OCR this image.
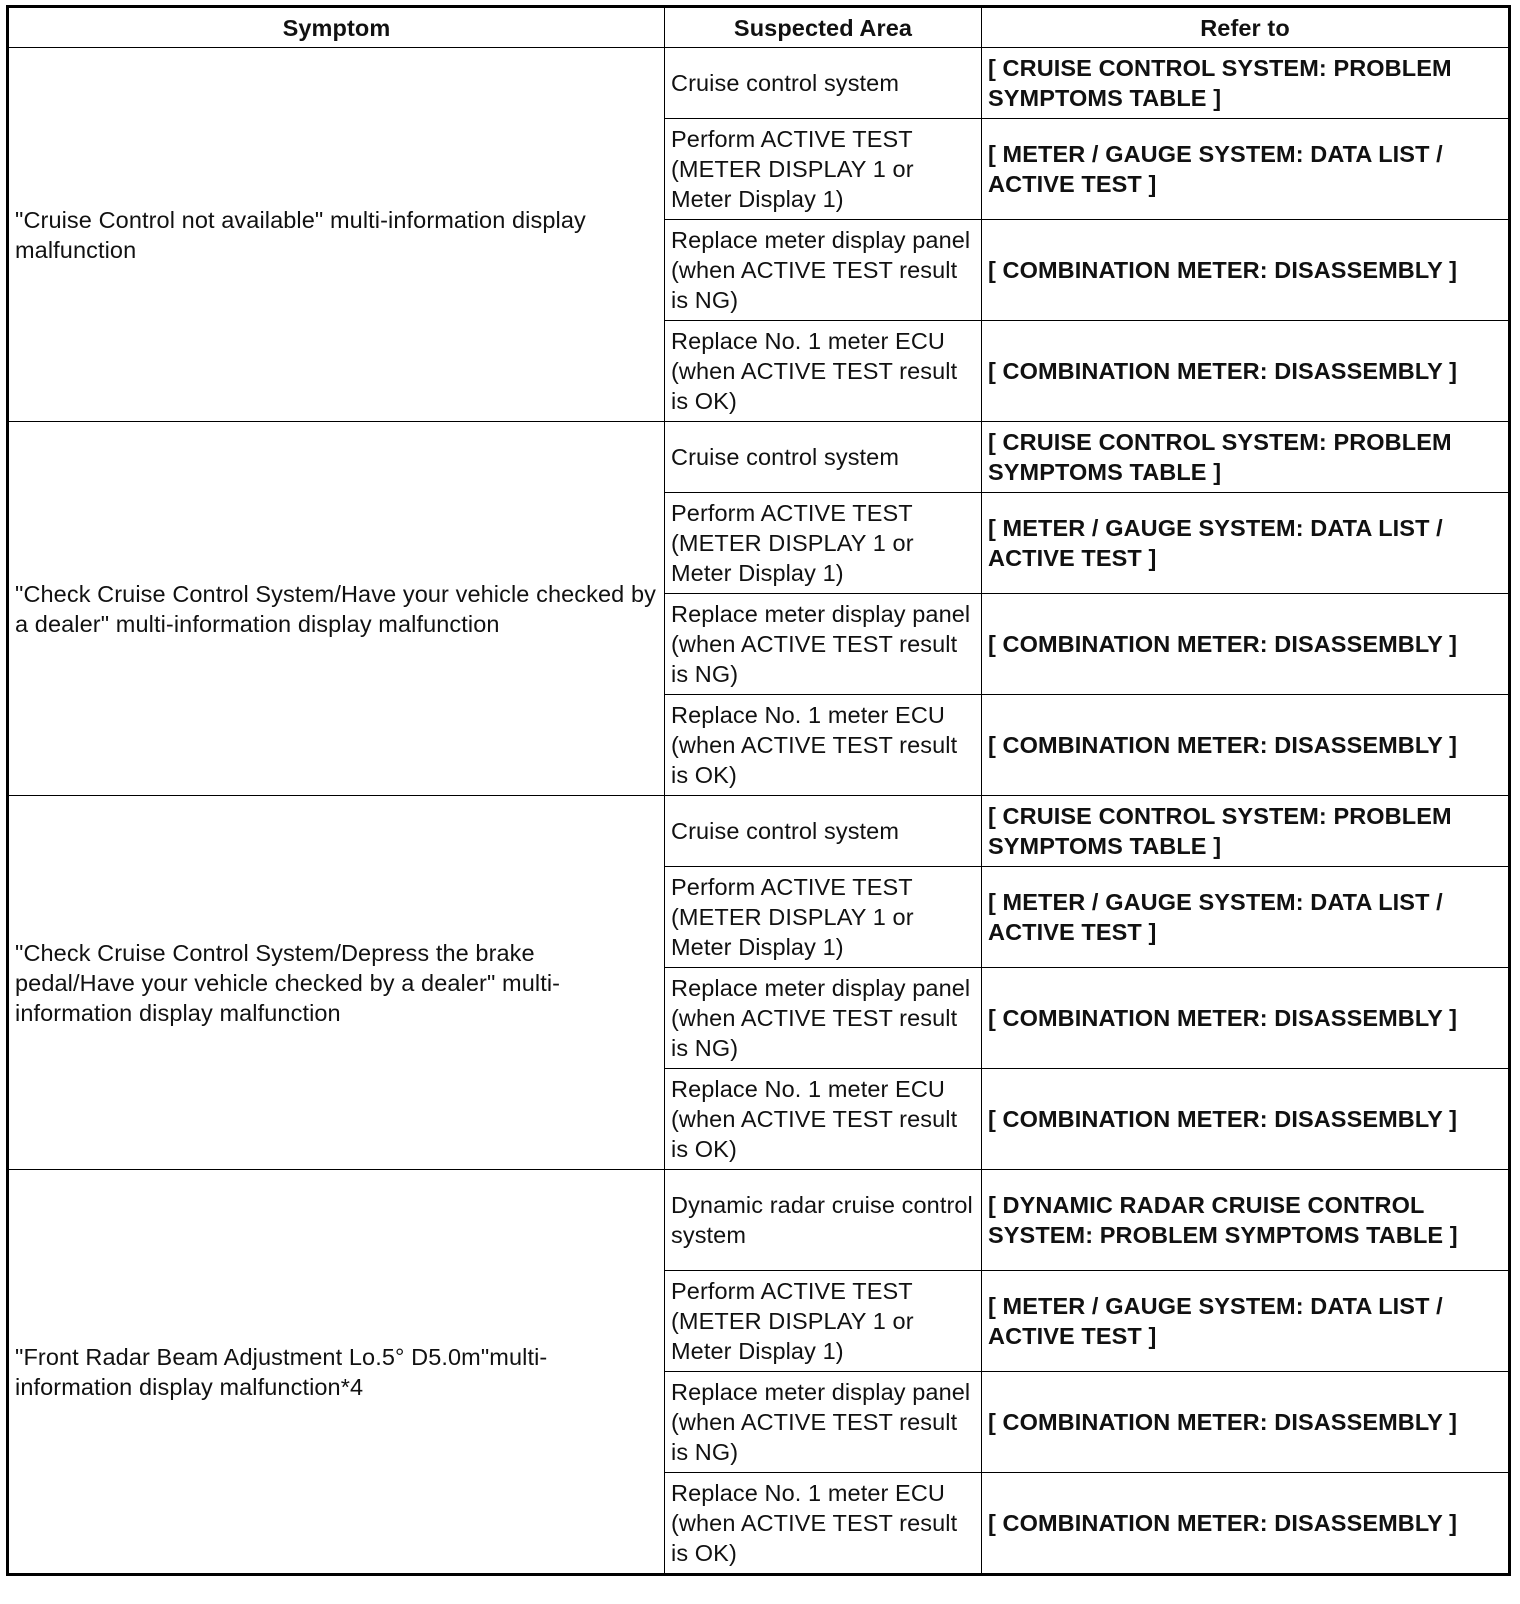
Symptom	Suspected Area	Refer to
"Cruise Control not available" multi-information display malfunction	Cruise control system	[ CRUISE CONTROL SYSTEM: PROBLEM SYMPTOMS TABLE ]
	Perform ACTIVE TEST (METER DISPLAY 1 or Meter Display 1)	[ METER / GAUGE SYSTEM: DATA LIST / ACTIVE TEST ]
	Replace meter display panel (when ACTIVE TEST result is NG)	[ COMBINATION METER: DISASSEMBLY ]
	Replace No. 1 meter ECU (when ACTIVE TEST result is OK)	[ COMBINATION METER: DISASSEMBLY ]
"Check Cruise Control System/Have your vehicle checked by a dealer" multi-information display malfunction	Cruise control system	[ CRUISE CONTROL SYSTEM: PROBLEM SYMPTOMS TABLE ]
	Perform ACTIVE TEST (METER DISPLAY 1 or Meter Display 1)	[ METER / GAUGE SYSTEM: DATA LIST / ACTIVE TEST ]
	Replace meter display panel (when ACTIVE TEST result is NG)	[ COMBINATION METER: DISASSEMBLY ]
	Replace No. 1 meter ECU (when ACTIVE TEST result is OK)	[ COMBINATION METER: DISASSEMBLY ]
"Check Cruise Control System/Depress the brake pedal/Have your vehicle checked by a dealer" multi-information display malfunction	Cruise control system	[ CRUISE CONTROL SYSTEM: PROBLEM SYMPTOMS TABLE ]
	Perform ACTIVE TEST (METER DISPLAY 1 or Meter Display 1)	[ METER / GAUGE SYSTEM: DATA LIST / ACTIVE TEST ]
	Replace meter display panel (when ACTIVE TEST result is NG)	[ COMBINATION METER: DISASSEMBLY ]
	Replace No. 1 meter ECU (when ACTIVE TEST result is OK)	[ COMBINATION METER: DISASSEMBLY ]
"Front Radar Beam Adjustment Lo.5° D5.0m"multi-information display malfunction*4	Dynamic radar cruise control system	[ DYNAMIC RADAR CRUISE CONTROL SYSTEM: PROBLEM SYMPTOMS TABLE ]
	Perform ACTIVE TEST (METER DISPLAY 1 or Meter Display 1)	[ METER / GAUGE SYSTEM: DATA LIST / ACTIVE TEST ]
	Replace meter display panel (when ACTIVE TEST result is NG)	[ COMBINATION METER: DISASSEMBLY ]
	Replace No. 1 meter ECU (when ACTIVE TEST result is OK)	[ COMBINATION METER: DISASSEMBLY ]
